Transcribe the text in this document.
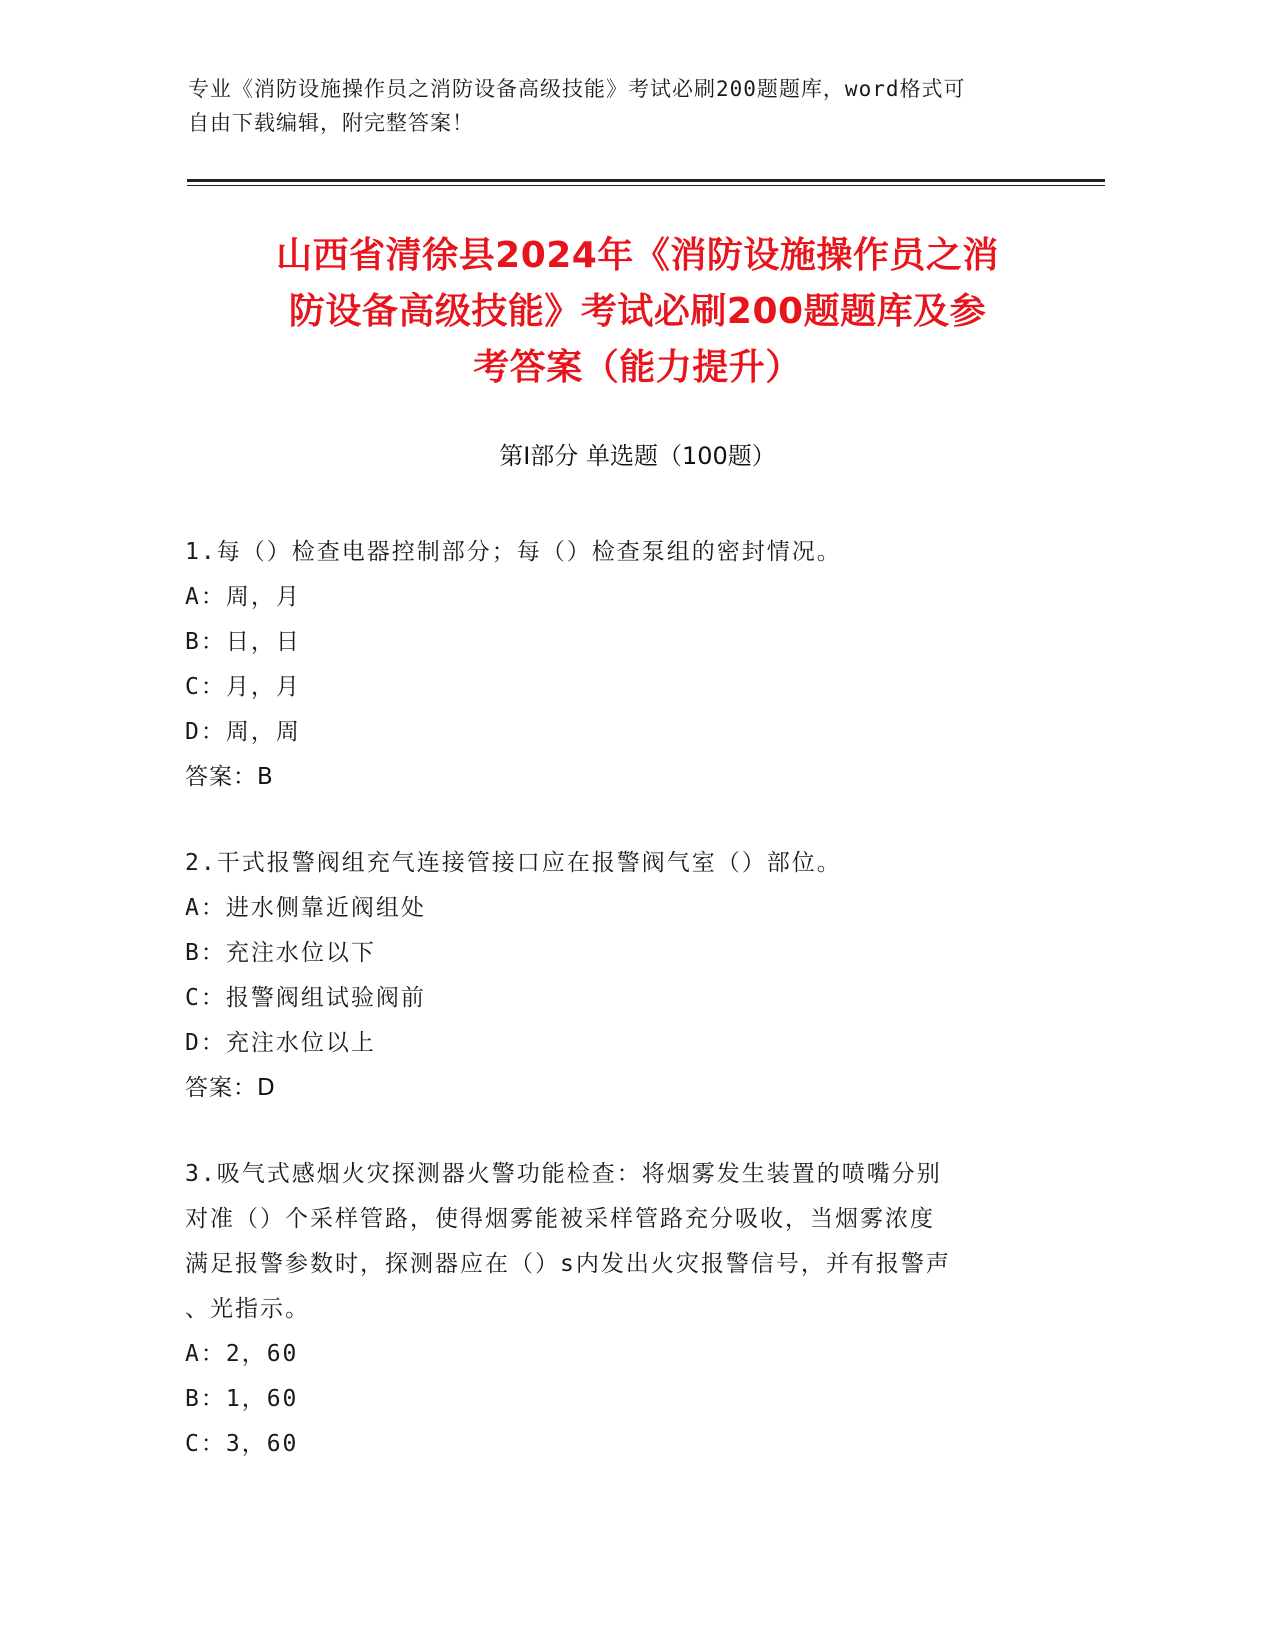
专业《消防设施操作员之消防设备高级技能》考试必刷200题题库，word格式可
自由下载编辑，附完整答案！
山西省清徐县2024年《消防设施操作员之消
防设备高级技能》考试必刷200题题库及参
考答案（能力提升）
第Ⅰ部分 单选题（100题）
1.每（）检查电器控制部分；每（）检查泵组的密封情况。
A：周，月
B：日，日
C：月，月
D：周，周
答案：B
2.干式报警阀组充气连接管接口应在报警阀气室（）部位。
A：进水侧靠近阀组处
B：充注水位以下
C：报警阀组试验阀前
D：充注水位以上
答案：D
3.吸气式感烟火灾探测器火警功能检查：将烟雾发生装置的喷嘴分别
对准（）个采样管路，使得烟雾能被采样管路充分吸收，当烟雾浓度
满足报警参数时，探测器应在（）s内发出火灾报警信号，并有报警声
、光指示。
A：2，60
B：1，60
C：3，60
